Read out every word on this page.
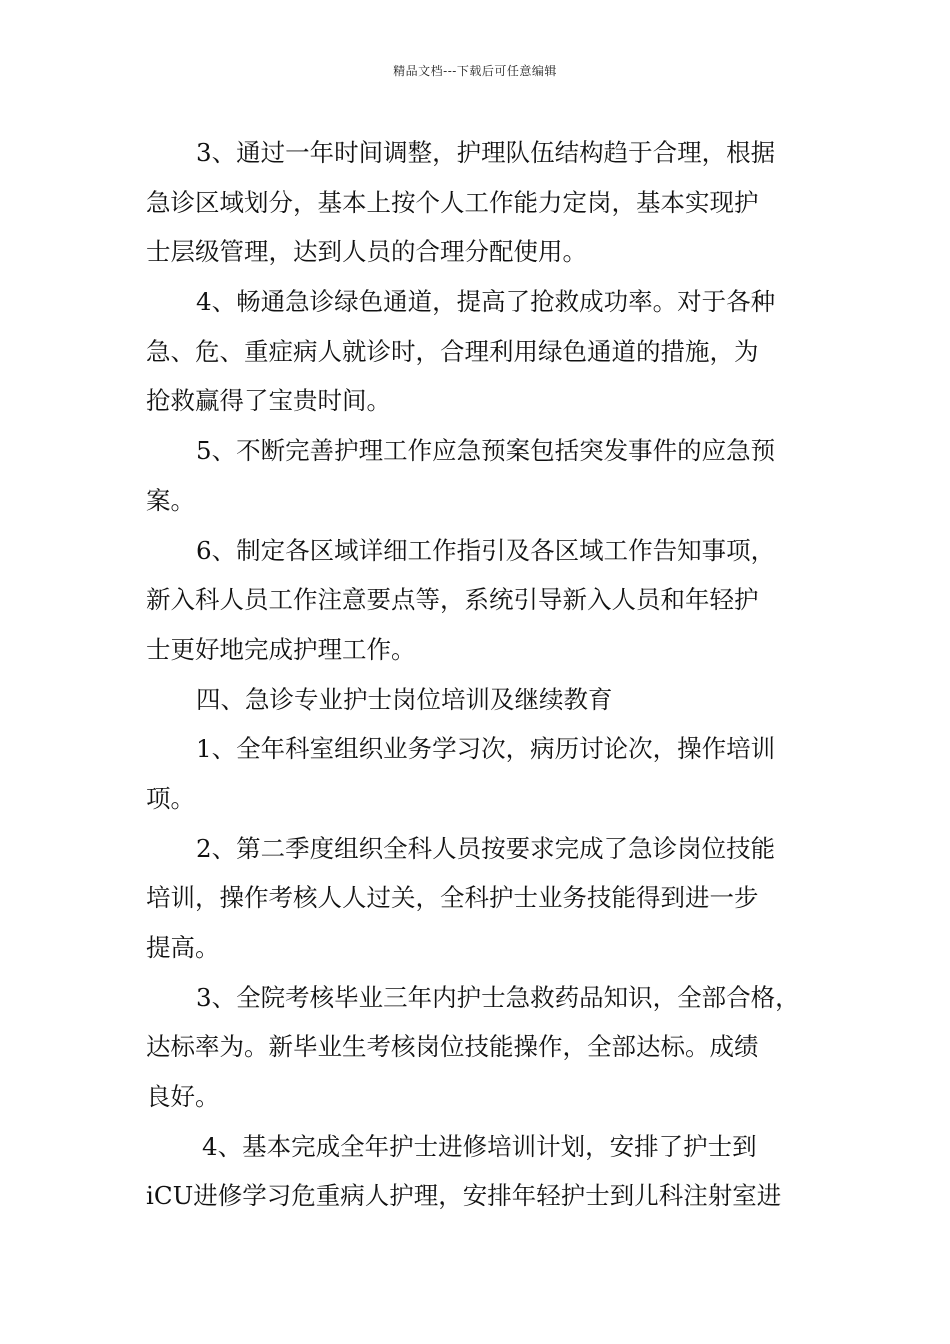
精品文档---下载后可任意编辑
3、通过一年时间调整，护理队伍结构趋于合理，根据
急诊区域划分，基本上按个人工作能力定岗，基本实现护
士层级管理，达到人员的合理分配使用。
4、畅通急诊绿色通道，提高了抢救成功率。对于各种
急、危、重症病人就诊时，合理利用绿色通道的措施，为
抢救赢得了宝贵时间。
5、不断完善护理工作应急预案包括突发事件的应急预
案。
6、制定各区域详细工作指引及各区域工作告知事项，
新入科人员工作注意要点等，系统引导新入人员和年轻护
士更好地完成护理工作。
四、急诊专业护士岗位培训及继续教育
1、全年科室组织业务学习次，病历讨论次，操作培训
项。
2、第二季度组织全科人员按要求完成了急诊岗位技能
培训，操作考核人人过关，全科护士业务技能得到进一步
提高。
3、全院考核毕业三年内护士急救药品知识，全部合格，
达标率为。新毕业生考核岗位技能操作，全部达标。成绩
良好。
4、基本完成全年护士进修培训计划，安排了护士到
iCU进修学习危重病人护理，安排年轻护士到儿科注射室进
